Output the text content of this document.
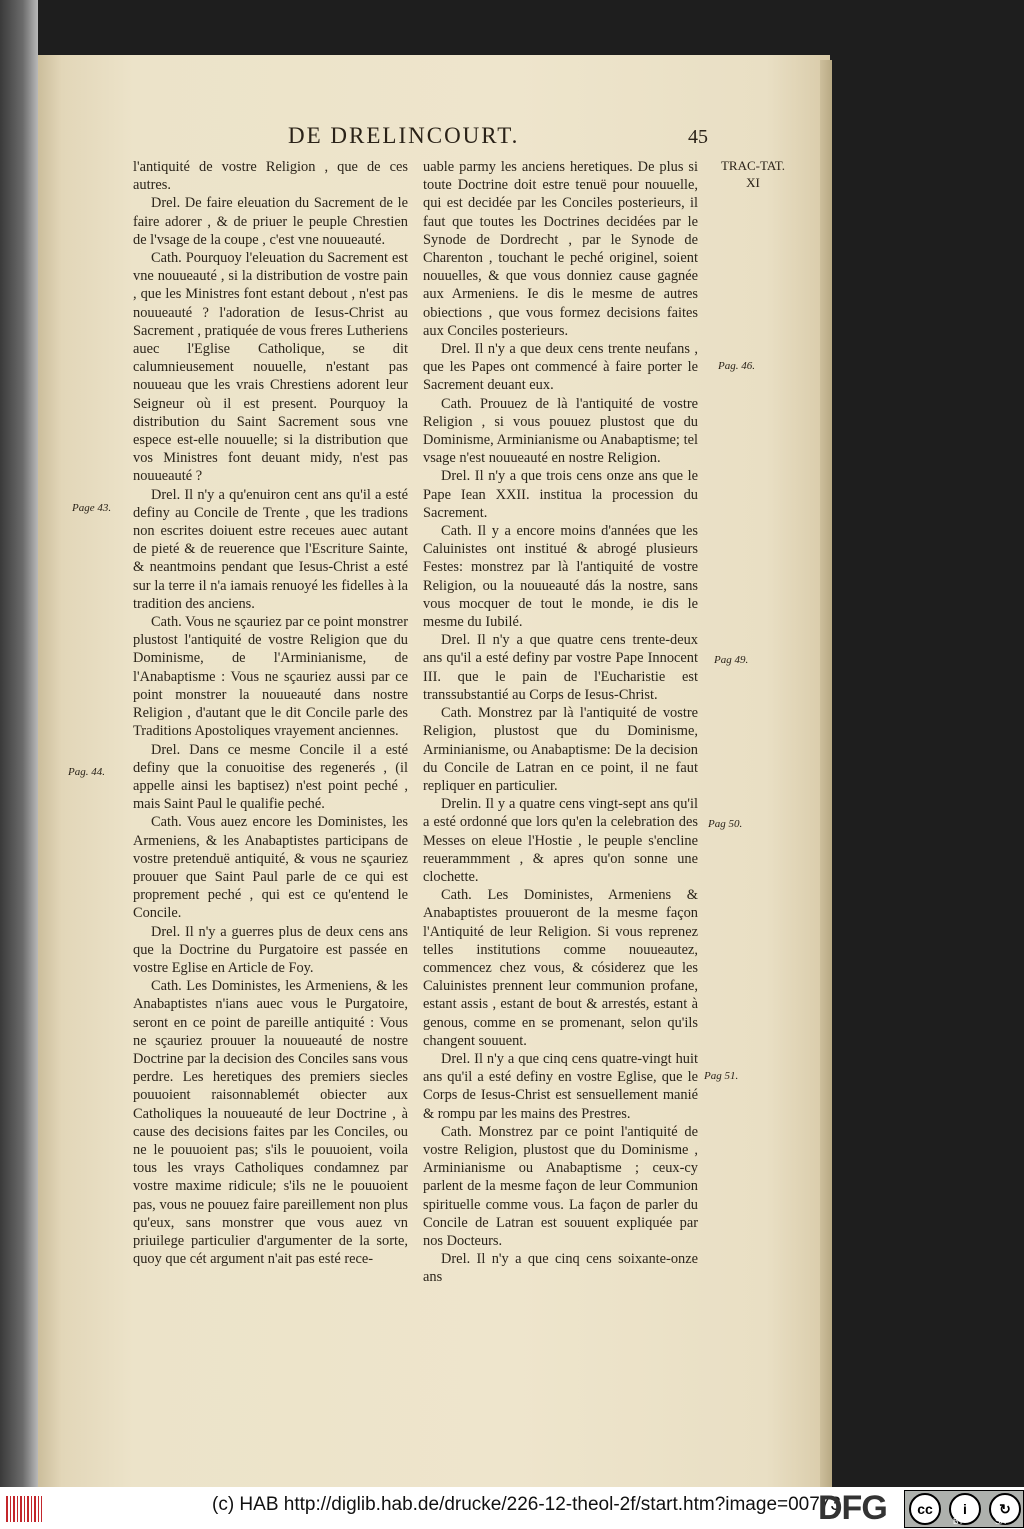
DE DRELINCOURT.	45
TRAC-TAT. XI

l'antiquité de vostre Religion , que de ces autres.

Drel. De faire eleuation du Sacrement de le faire adorer , & de priuer le peuple Chrestien de l'vsage de la coupe , c'est vne nouueauté.

Cath. Pourquoy l'eleuation du Sacrement est vne nouueauté , si la distribution de vostre pain , que les Ministres font estant debout , n'est pas nouueauté ? l'adoration de Iesus-Christ au Sacrement , pratiquée de vous freres Lutheriens auec l'Eglise Catholique, se dit calumnieusement nouuelle, n'estant pas nouueau que les vrais Chrestiens adorent leur Seigneur où il est present. Pourquoy la distribution du Saint Sacrement sous vne espece est-elle nouuelle; si la distribution que vos Ministres font deuant midy, n'est pas nouueauté ?

Drel. Il n'y a qu'enuiron cent ans qu'il a esté definy au Concile de Trente , que les tradions non escrites doiuent estre receues auec autant de pieté & de reuerence que l'Escriture Sainte, & neantmoins pendant que Iesus-Christ a esté sur la terre il n'a iamais renuoyé les fidelles à la tradition des anciens.

Cath. Vous ne sçauriez par ce point monstrer plustost l'antiquité de vostre Religion que du Dominisme, de l'Arminianisme, de l'Anabaptisme : Vous ne sçauriez aussi par ce point monstrer la nouueauté dans nostre Religion , d'autant que le dit Concile parle des Traditions Apostoliques vrayement anciennes.

Drel. Dans ce mesme Concile il a esté definy que la conuoitise des regenerés , (il appelle ainsi les baptisez) n'est point peché , mais Saint Paul le qualifie peché.

Cath. Vous auez encore les Doministes, les Armeniens, & les Anabaptistes participans de vostre pretenduë antiquité, & vous ne sçauriez prouuer que Saint Paul parle de ce qui est proprement peché , qui est ce qu'entend le Concile.

Drel. Il n'y a guerres plus de deux cens ans que la Doctrine du Purgatoire est passée en vostre Eglise en Article de Foy.

Cath. Les Doministes, les Armeniens, & les Anabaptistes n'ians auec vous le Purgatoire, seront en ce point de pareille antiquité : Vous ne sçauriez prouuer la nouueauté de nostre Doctrine par la decision des Conciles sans vous perdre. Les heretiques des premiers siecles pouuoient raisonnablemét obiecter aux Catholiques la nouueauté de leur Doctrine , à cause des decisions faites par les Conciles, ou ne le pouuoient pas; s'ils le pouuoient, voila tous les vrays Catholiques condamnez par vostre maxime ridicule; s'ils ne le pouuoient pas, vous ne pouuez faire pareillement non plus qu'eux, sans monstrer que vous auez vn priuilege particulier d'argumenter de la sorte, quoy que cét argument n'ait pas esté rece-

uable parmy les anciens heretiques. De plus si toute Doctrine doit estre tenuë pour nouuelle, qui est decidée par les Conciles posterieurs, il faut que toutes les Doctrines decidées par le Synode de Dordrecht , par le Synode de Charenton , touchant le peché originel, soient nouuelles, & que vous donniez cause gagnée aux Armeniens. Ie dis le mesme de autres obiections , que vous formez decisions faites aux Conciles posterieurs.

Drel. Il n'y a que deux cens trente neufans , que les Papes ont commencé à faire porter le Sacrement deuant eux.

Cath. Prouuez de là l'antiquité de vostre Religion , si vous pouuez plustost que du Dominisme, Arminianisme ou Anabaptisme; tel vsage n'est nouueauté en nostre Religion.

Drel. Il n'y a que trois cens onze ans que le Pape Iean XXII. institua la procession du Sacrement.

Cath. Il y a encore moins d'années que les Caluinistes ont institué & abrogé plusieurs Festes: monstrez par là l'antiquité de vostre Religion, ou la nouueauté dás la nostre, sans vous mocquer de tout le monde, ie dis le mesme du Iubilé.

Drel. Il n'y a que quatre cens trente-deux ans qu'il a esté definy par vostre Pape Innocent III. que le pain de l'Eucharistie est transsubstantié au Corps de Iesus-Christ.

Cath. Monstrez par là l'antiquité de vostre Religion, plustost que du Dominisme, Arminianisme, ou Anabaptisme: De la decision du Concile de Latran en ce point, il ne faut repliquer en particulier.

Drelin. Il y a quatre cens vingt-sept ans qu'il a esté ordonné que lors qu'en la celebration des Messes on eleue l'Hostie , le peuple s'encline reuerammment , & apres qu'on sonne une clochette.

Cath. Les Doministes, Armeniens & Anabaptistes prouueront de la mesme façon l'Antiquité de leur Religion. Si vous reprenez telles institutions comme nouueautez, commencez chez vous, & cósiderez que les Caluinistes prennent leur communion profane, estant assis , estant de bout & arrestés, estant à genous, comme en se promenant, selon qu'ils changent souuent.

Drel. Il n'y a que cinq cens quatre-vingt huit ans qu'il a esté definy en vostre Eglise, que le Corps de Iesus-Christ est sensuellement manié & rompu par les mains des Prestres.

Cath. Monstrez par ce point l'antiquité de vostre Religion, plustost que du Dominisme , Arminianisme ou Anabaptisme ; ceux-cy parlent de la mesme façon de leur Communion spirituelle comme vous. La façon de parler du Concile de Latran est souuent expliquée par nos Docteurs.

Drel. Il n'y a que cinq cens soixante-onze ans

Page 43.
Pag. 44.
Pag. 46.
Pag 49.
Pag 50.
Pag 51.
(c) HAB http://diglib.hab.de/drucke/226-12-theol-2f/start.htm?image=00773
DFG	cc	i	↻
BY	SA
